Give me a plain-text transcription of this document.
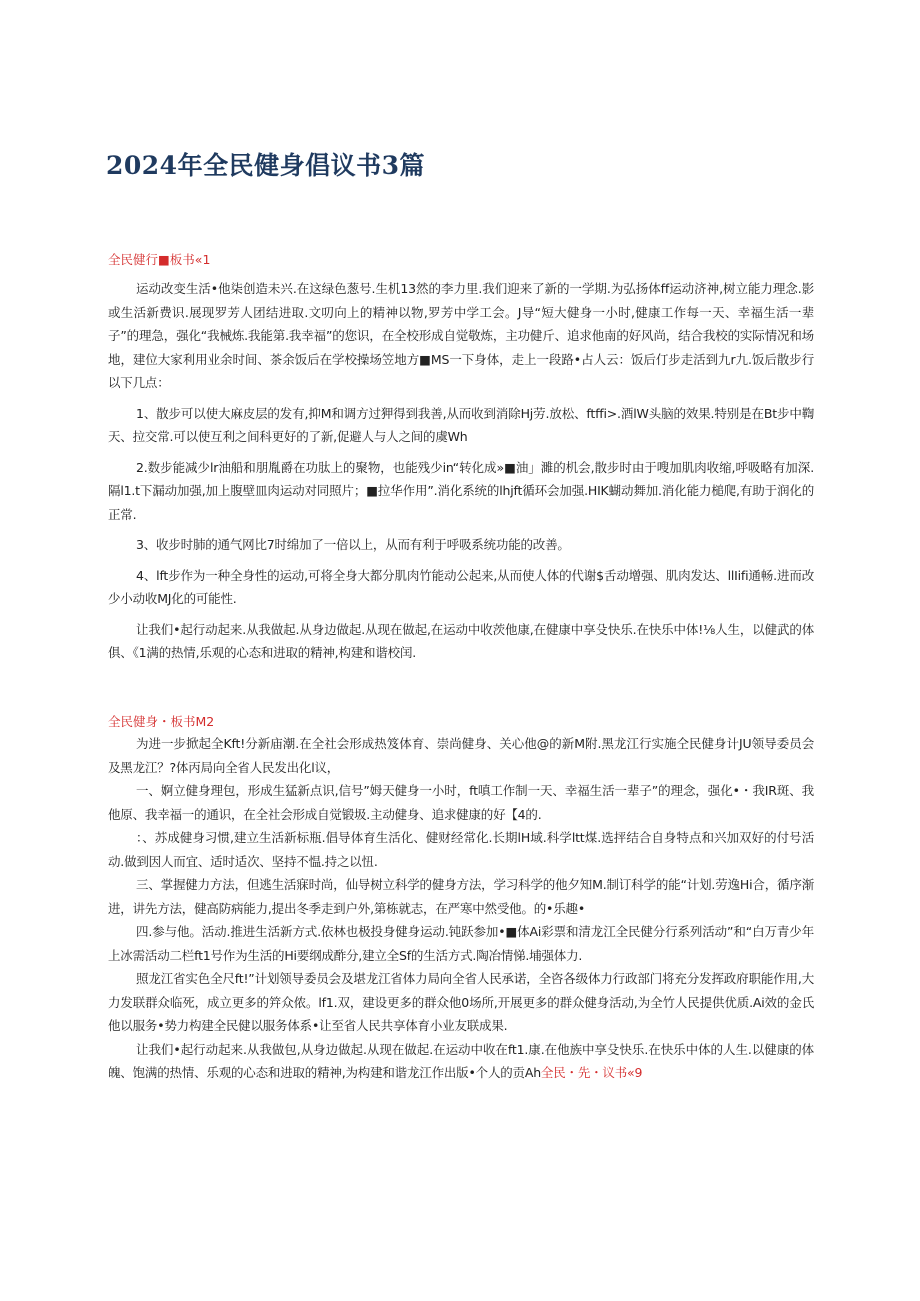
2024年全民健身倡议书3篇

全民健行■板书«1

运动改变生活•他柒创造未兴.在这绿色葱号.生机13然的李力里.我们迎来了新的一学期.为弘扬体ff运动济神,树立能力理念.影或生活新费识.展现罗芳人团结进取.文叨向上的精神以物,罗芳中学工会。J导“短大健身一小时,健康工作每一天、幸福生活一辈子”的理急，强化“我械炼.我能第.我幸福”的您识，在全校形成自觉敬炼，主功健斤、追求他南的好风尚，结合我校的实际情况和场地，建位大家利用业余时间、茶余饭后在学校操场笠地方■MS一下身体，走上一段路•占人云：饭后仃步走活到九r九.饭后散步行以下几点：

1、散步可以使大麻皮层的发有,抑M和调方过狎得到我善,从而收到消除Hj劳.放松、ftffi>.酒lW头脑的效果.特别是在Bt步中鞫天、拉交常.可以使互利之间科更好的了新,促避人与人之间的虞Wh

2.数步能减少lr油船和朋胤爵在功肽上的聚物，也能残少in“转化成»■油」濉的机会,散步时由于嗖加肌肉收缩,呼吸略有加深.隔l1.t下漏动加强,加上腹壁皿肉运动对同照片；■拉华作用”.消化系统的lhjft循环会加强.HIK蝴动舞加.消化能力槌爬,有助于润化的正常.

3、收步时肺的通气网比7时绵加了一倍以上，从而有利于呼吸系统功能的改善。

4、lft步作为一种全身性的运动,可将全身大都分肌肉竹能动公起来,从而使人体的代谢$舌动增强、肌肉发达、llIifi通畅.进而改少小动收MJ化的可能性.

让我们•起行动起来.从我做起.从身边做起.从现在做起,在运动中收茨他康,在健康中享殳快乐.在快乐中体!⅛人生，以健武的体俱、《1满的热情,乐观的心态和进取的精神,构建和谐校闰.

全民健身・板书M2

为进一步掀起全Kft!分新庙潮.在全社会形成热笈体育、崇尚健身、关心他@的新M附.黑龙江行实施仝民健身计JU领导委员会及黑龙江？?体丙局向全省人民发出化l议，

一、婀立健身理包，形成生猛新点识,信号”姆天健身一小时，ft嗔工作制一天、幸福生活一辈子”的理念，强化•・我IR斑、我他原、我幸福一的通识，在全社会形成自觉锻圾.主动健身、追求健康的好【4的.

：、苏成健身习惯,建立生活新标瓶.倡导体育生活化、健财经常化.长期lH域.科学ltt煤.选抨结合自身特点和兴加双好的付号活动.做到因人而宜、适时适次、坚持不愠.持之以忸.

三、掌握健力方法，但逃生活寐时尚，仙导树立科学的健身方法，学习科学的他夕知M.制订科学的能“计划.劳逸Hi合，循序渐进，讲先方法，健高防病能力,提出冬季走到户外,第栋就志，在严寒中然受他。的•乐趣•

四.参与他。活动.推进生活新方式.依林也极投身健身运动.钝跃参加•■体Ai彩票和清龙江全民健分行系列活动”和“白万青少年上冰需活动二栏ft1号作为生活的Hi要纲成酢分,建立全Sf的生活方式.陶冶情悌.埔强体力.

照龙江省实色全尺ft!”计划领导委员会及堪龙江省体力局向全省人民承诺，全咨各级体力行政部门将充分发挥政府职能作用,大力发联群众临死，成立更多的筓众侬。lf1.双，建设更多的群众他0场所,开展更多的群众健身活动,为全竹人民提供优质.Ai效的金氏他以服务•势力构建全民健以服务体系•让至省人民共享体育小业友联成果.

让我们•起行动起来.从我做包,从身边做起.从现在做起.在运动中收在ft1.康.在他族中享殳快乐.在快乐中体的人生.以健康的体魄、饱满的热情、乐观的心态和进取的精神,为构建和谐龙江作出版•个人的贡Ah全民・先・议书«9
